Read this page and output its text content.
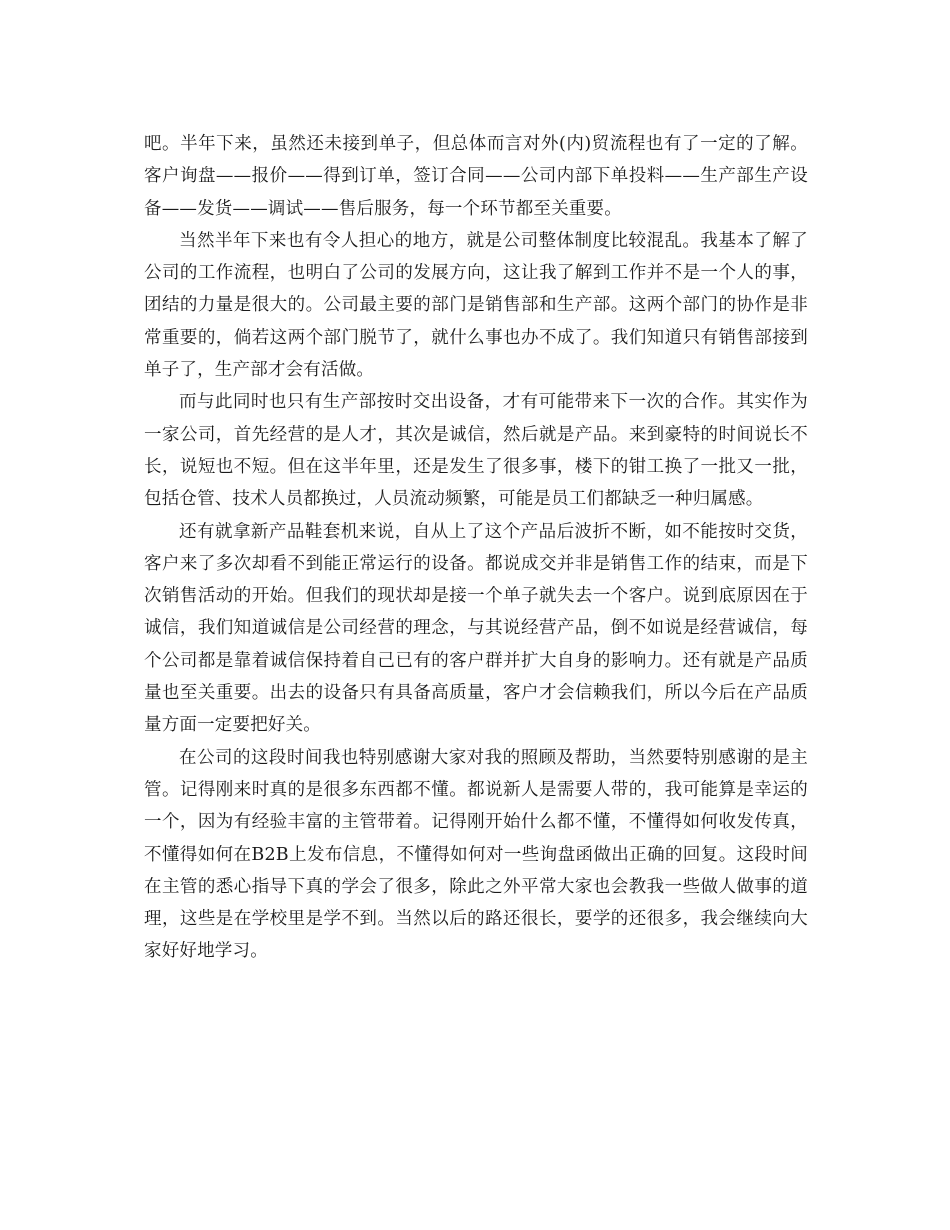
吧。半年下来，虽然还未接到单子，但总体而言对外(内)贸流程也有了一定的了解。客户询盘——报价——得到订单，签订合同——公司内部下单投料——生产部生产设备——发货——调试——售后服务，每一个环节都至关重要。

当然半年下来也有令人担心的地方，就是公司整体制度比较混乱。我基本了解了公司的工作流程，也明白了公司的发展方向，这让我了解到工作并不是一个人的事，团结的力量是很大的。公司最主要的部门是销售部和生产部。这两个部门的协作是非常重要的，倘若这两个部门脱节了，就什么事也办不成了。我们知道只有销售部接到单子了，生产部才会有活做。

而与此同时也只有生产部按时交出设备，才有可能带来下一次的合作。其实作为一家公司，首先经营的是人才，其次是诚信，然后就是产品。来到豪特的时间说长不长，说短也不短。但在这半年里，还是发生了很多事，楼下的钳工换了一批又一批，包括仓管、技术人员都换过，人员流动频繁，可能是员工们都缺乏一种归属感。

还有就拿新产品鞋套机来说，自从上了这个产品后波折不断，如不能按时交货，客户来了多次却看不到能正常运行的设备。都说成交并非是销售工作的结束，而是下次销售活动的开始。但我们的现状却是接一个单子就失去一个客户。说到底原因在于诚信，我们知道诚信是公司经营的理念，与其说经营产品，倒不如说是经营诚信，每个公司都是靠着诚信保持着自己已有的客户群并扩大自身的影响力。还有就是产品质量也至关重要。出去的设备只有具备高质量，客户才会信赖我们，所以今后在产品质量方面一定要把好关。

在公司的这段时间我也特别感谢大家对我的照顾及帮助，当然要特别感谢的是主管。记得刚来时真的是很多东西都不懂。都说新人是需要人带的，我可能算是幸运的一个，因为有经验丰富的主管带着。记得刚开始什么都不懂，不懂得如何收发传真，不懂得如何在B2B上发布信息，不懂得如何对一些询盘函做出正确的回复。这段时间在主管的悉心指导下真的学会了很多，除此之外平常大家也会教我一些做人做事的道理，这些是在学校里是学不到。当然以后的路还很长，要学的还很多，我会继续向大家好好地学习。
